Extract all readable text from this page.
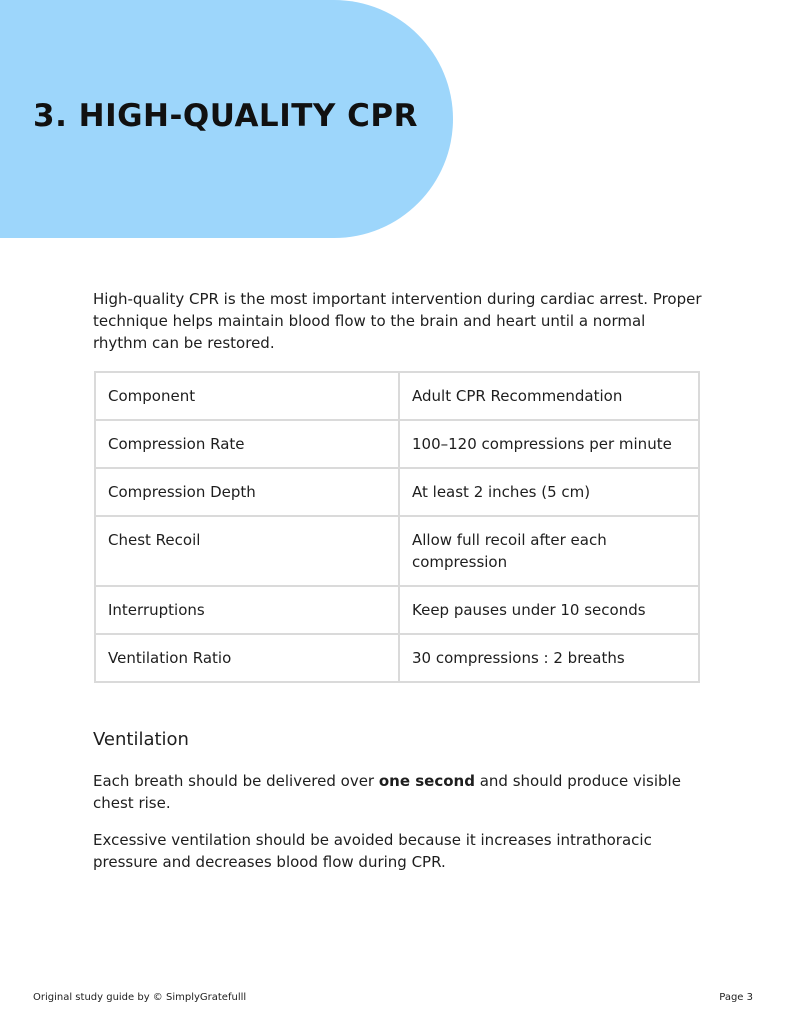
3. HIGH-QUALITY CPR

High-quality CPR is the most important intervention during cardiac arrest. Proper technique helps maintain blood flow to the brain and heart until a normal rhythm can be restored.

Component	Adult CPR Recommendation
Compression Rate	100–120 compressions per minute
Compression Depth	At least 2 inches (5 cm)
Chest Recoil	Allow full recoil after each compression
Interruptions	Keep pauses under 10 seconds
Ventilation Ratio	30 compressions : 2 breaths
Ventilation

Each breath should be delivered over one second and should produce visible chest rise.

Excessive ventilation should be avoided because it increases intrathoracic pressure and decreases blood flow during CPR.

Original study guide by © SimplyGratefulll	Page 3
